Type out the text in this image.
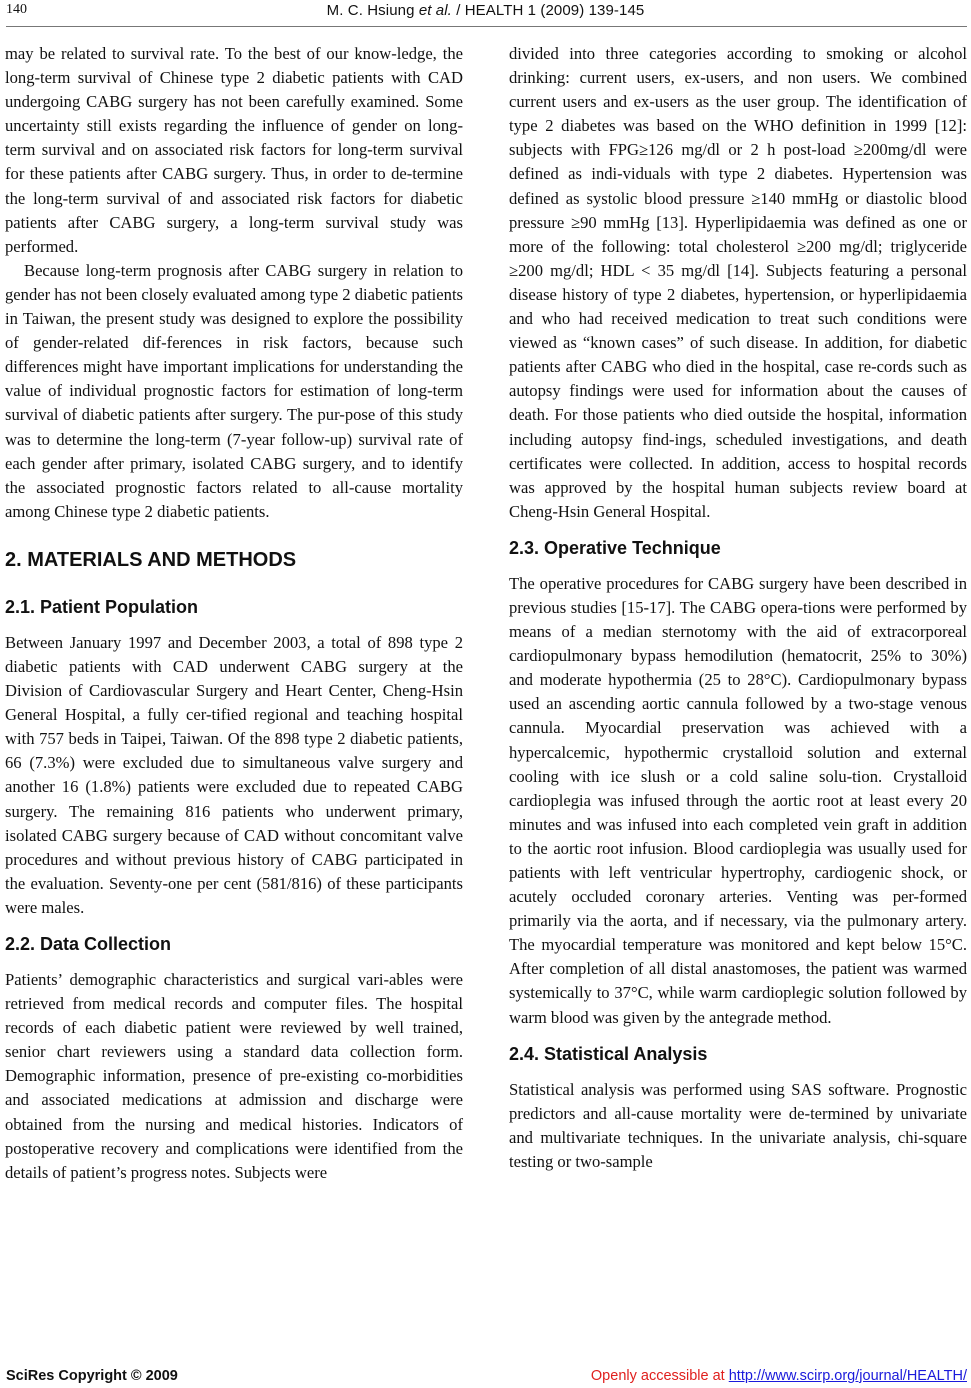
140	M. C. Hsiung et al. / HEALTH 1 (2009) 139-145

may be related to survival rate. To the best of our know-ledge, the long-term survival of Chinese type 2 diabetic patients with CAD undergoing CABG surgery has not been carefully examined. Some uncertainty still exists regarding the influence of gender on long-term survival and on associated risk factors for long-term survival for these patients after CABG surgery. Thus, in order to de-termine the long-term survival of and associated risk factors for diabetic patients after CABG surgery, a long-term survival study was performed.

Because long-term prognosis after CABG surgery in relation to gender has not been closely evaluated among type 2 diabetic patients in Taiwan, the present study was designed to explore the possibility of gender-related dif-ferences in risk factors, because such differences might have important implications for understanding the value of individual prognostic factors for estimation of long-term survival of diabetic patients after surgery. The pur-pose of this study was to determine the long-term (7-year follow-up) survival rate of each gender after primary, isolated CABG surgery, and to identify the associated prognostic factors related to all-cause mortality among Chinese type 2 diabetic patients.

2. MATERIALS AND METHODS
2.1. Patient Population

Between January 1997 and December 2003, a total of 898 type 2 diabetic patients with CAD underwent CABG surgery at the Division of Cardiovascular Surgery and Heart Center, Cheng-Hsin General Hospital, a fully cer-tified regional and teaching hospital with 757 beds in Taipei, Taiwan. Of the 898 type 2 diabetic patients, 66 (7.3%) were excluded due to simultaneous valve surgery and another 16 (1.8%) patients were excluded due to repeated CABG surgery. The remaining 816 patients who underwent primary, isolated CABG surgery because of CAD without concomitant valve procedures and without previous history of CABG participated in the evaluation. Seventy-one per cent (581/816) of these participants were males.

2.2. Data Collection

Patients’ demographic characteristics and surgical vari-ables were retrieved from medical records and computer files. The hospital records of each diabetic patient were reviewed by well trained, senior chart reviewers using a standard data collection form. Demographic information, presence of pre-existing co-morbidities and associated medications at admission and discharge were obtained from the nursing and medical histories. Indicators of postoperative recovery and complications were identified from the details of patient’s progress notes. Subjects were

divided into three categories according to smoking or alcohol drinking: current users, ex-users, and non users. We combined current users and ex-users as the user group. The identification of type 2 diabetes was based on the WHO definition in 1999 [12]: subjects with FPG≥126 mg/dl or 2 h post-load ≥200mg/dl were defined as indi-viduals with type 2 diabetes. Hypertension was defined as systolic blood pressure ≥140 mmHg or diastolic blood pressure ≥90 mmHg [13]. Hyperlipidaemia was defined as one or more of the following: total cholesterol ≥200 mg/dl; triglyceride ≥200 mg/dl; HDL < 35 mg/dl [14]. Subjects featuring a personal disease history of type 2 diabetes, hypertension, or hyperlipidaemia and who had received medication to treat such conditions were viewed as “known cases” of such disease. In addition, for diabetic patients after CABG who died in the hospital, case re-cords such as autopsy findings were used for information about the causes of death. For those patients who died outside the hospital, information including autopsy find-ings, scheduled investigations, and death certificates were collected. In addition, access to hospital records was approved by the hospital human subjects review board at Cheng-Hsin General Hospital.

2.3. Operative Technique

The operative procedures for CABG surgery have been described in previous studies [15-17]. The CABG opera-tions were performed by means of a median sternotomy with the aid of extracorporeal cardiopulmonary bypass hemodilution (hematocrit, 25% to 30%) and moderate hypothermia (25 to 28°C). Cardiopulmonary bypass used an ascending aortic cannula followed by a two-stage venous cannula. Myocardial preservation was achieved with a hypercalcemic, hypothermic crystalloid solution and external cooling with ice slush or a cold saline solu-tion. Crystalloid cardioplegia was infused through the aortic root at least every 20 minutes and was infused into each completed vein graft in addition to the aortic root infusion. Blood cardioplegia was usually used for patients with left ventricular hypertrophy, cardiogenic shock, or acutely occluded coronary arteries. Venting was per-formed primarily via the aorta, and if necessary, via the pulmonary artery. The myocardial temperature was monitored and kept below 15°C. After completion of all distal anastomoses, the patient was warmed systemically to 37°C, while warm cardioplegic solution followed by warm blood was given by the antegrade method.

2.4. Statistical Analysis

Statistical analysis was performed using SAS software. Prognostic predictors and all-cause mortality were de-termined by univariate and multivariate techniques. In the univariate analysis, chi-square testing or two-sample

SciRes Copyright © 2009	Openly accessible at http://www.scirp.org/journal/HEALTH/
